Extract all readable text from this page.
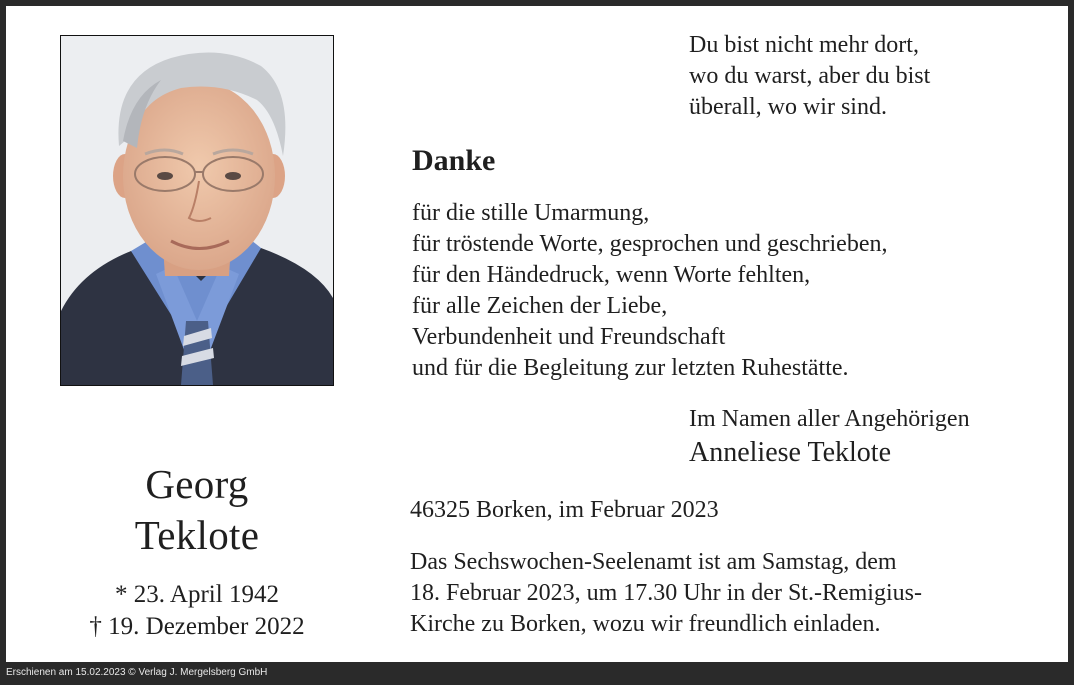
Georg
Teklote
* 23. April 1942
† 19. Dezember 2022
Du bist nicht mehr dort,
wo du warst, aber du bist
überall, wo wir sind.
Danke
für die stille Umarmung,
für tröstende Worte, gesprochen und geschrieben,
für den Händedruck, wenn Worte fehlten,
für alle Zeichen der Liebe,
Verbundenheit und Freundschaft
und für die Begleitung zur letzten Ruhestätte.
Im Namen aller Angehörigen
Anneliese Teklote
46325 Borken, im Februar 2023
Das Sechswochen-Seelenamt ist am Samstag, dem
18. Februar 2023, um 17.30 Uhr in der St.-Remigius-
Kirche zu Borken, wozu wir freundlich einladen.
Erschienen am 15.02.2023 © Verlag J. Mergelsberg GmbH
